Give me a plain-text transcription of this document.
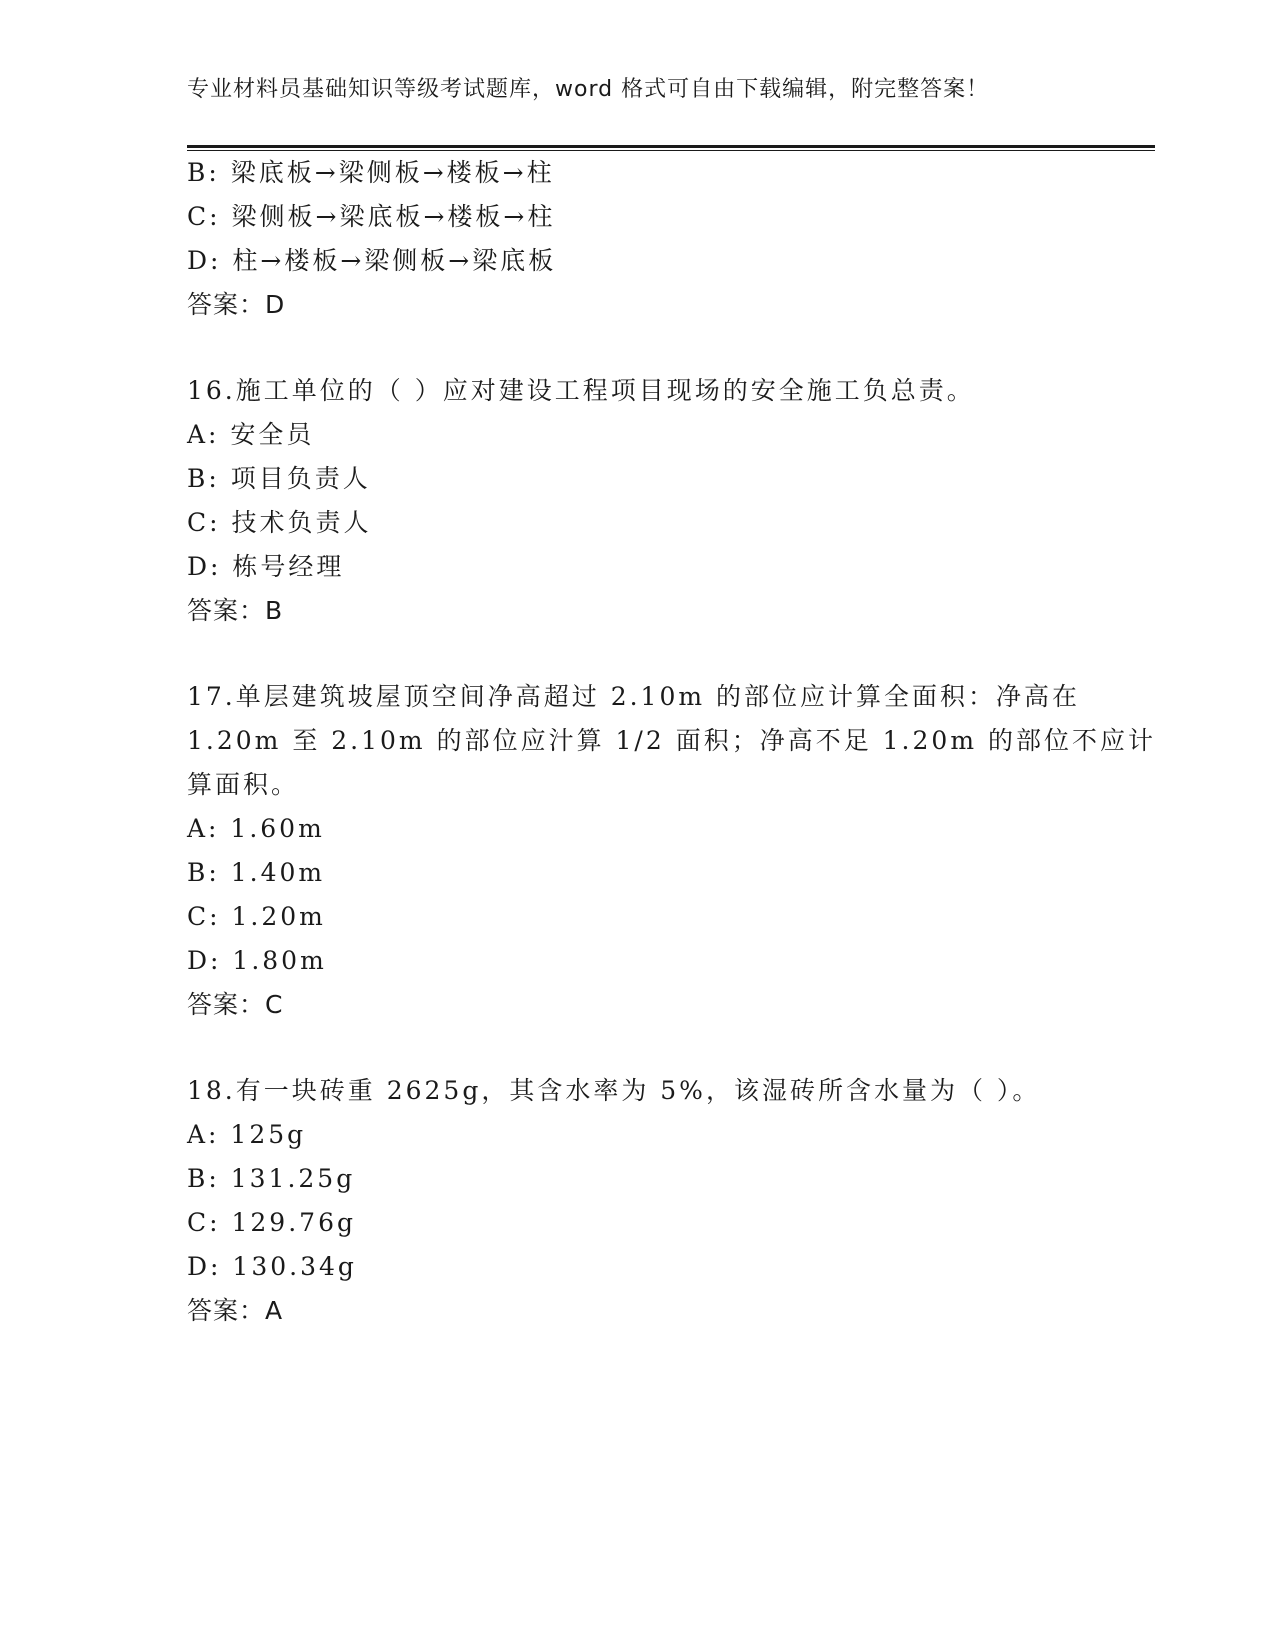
专业材料员基础知识等级考试题库，word 格式可自由下载编辑，附完整答案！
B: 梁底板→梁侧板→楼板→柱
C: 梁侧板→梁底板→楼板→柱
D: 柱→楼板→梁侧板→梁底板
答案：D
16.施工单位的（ ）应对建设工程项目现场的安全施工负总责。
A: 安全员
B: 项目负责人
C: 技术负责人
D: 栋号经理
答案：B
17.单层建筑坡屋顶空间净高超过 2.10m 的部位应计算全面积：净高在
1.20m 至 2.10m 的部位应汁算 1/2 面积；净高不足 1.20m 的部位不应计
算面积。
A: 1.60m
B: 1.40m
C: 1.20m
D: 1.80m
答案：C
18.有一块砖重 2625g，其含水率为 5%，该湿砖所含水量为（ ）。
A: 125g
B: 131.25g
C: 129.76g
D: 130.34g
答案：A
